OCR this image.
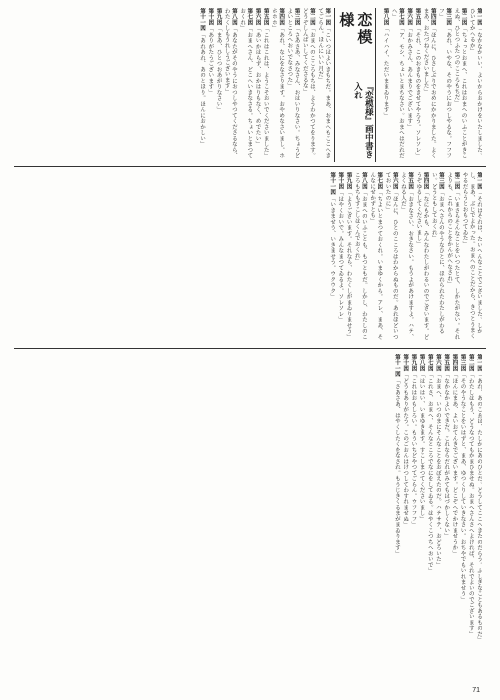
第一図「なかなかいい、よいからおかげをいたしました。ひいてかへるか」
第二図「ちょっとおまへ、これはおまへのいふことがきこえぬ、ひとつふたつのこころもちだ」
第三図「あれ、いやな、そのやうにおつしやるな。フフフフ」
第四図「ほんに、ひさしぶりでおめにかかりました。よくまあ、おたづねくださいました」
第五図「それ、このおきものをきせてやろう。ソレソレ」
第六図「おかみさん、あんまりでございます」
第七図「ア、モシ、ちょいとまちなさい。おまへはだれだへ」
第八図「ハイハイ、ただいままゐります」
恋模様
『恋模様』画中書き入れ
第一図「こいつはよいきもちだ。まあ、おまへもここへきてごらん。ほんにいい月だ」
第二図「おまへのこころもちは、ようわかつてをります。どうぞしんぱいしてくださるな」
第三図「さあさあ、みなさん、おはいりなさい。ちょうどよいところへおいでなさつた」
第四図「あれ、なにをなさります。おやめなさいまし。ホホホホ」
第五図「これはこれは、ようこそおいでくださいました」
第六図「あいかはらず、おかはりもなく、めでたい」
第七図「おまへさん、どこへいきなさる。ちょいとまつておくれ」
第八図「あなたがそのやうにおつしやつてくださるなら、わたくしもうれしうございます」
第九図「まあ、ひとつおあがりなさい」
第十図「ありがたうございます」
第十一図「あれあれ、あのとほり。ほんにおかしい」
第一図「それはそれは、たいへんなことでございました。しかし、まあ、ぶじでよかった。おまへのことだから、きつとうまくやるだらうとおもつてゐた」
第二図「いまさらそんなことをいつたとて、しかたがない。それよりも、これからのことをかんがへなされ」
第三図「おまへさんのやうなひとに、ほれられたわたしがわるい。どうともしておくれ」
第四図「なにもかも、みんなわたしがわるいのでございます。どうぞゆるしてくださいまし」
第五図「おきなさい、おきなさい。もうよがあけますよ。ハテ、よくねる人だ」
第六図「ほんに、ひとのこころはわからぬものだ。あれほどいつておいたのに」
第七図「ちよいとまつておくれ。いまゆくから。アレ、まあ、そんなにせかずとも」
第八図「おまへのいふことも、もつともだ。しかし、わたしのこころもちもすこしはくんでおくれ」
第九図「ようございます。それなら、わたくしがまゐりませう」
第十図「はやくおいで。みんなまつてゐるよ。ソレソレ」
第十一図「いきませう、いきませう。ウクウク」
第一図「あれ、あのこゑは、たしかにあのひとだ。どうしてここへきたのだらう。ふしぎなこともあるものだ」
第二図「わたしはもう、どうなつてもかまひませぬ。おまへさんさへよければ、それでよいのでございます」
第三図「そのやうなことをいはずと、まあ、ゆつくりしていきなさい。おちやでもいれませう」
第四図「ほんにまあ、よいおてんきでございます。どこぞへでかけませうか」
第五図「なかなかよいできだ。これならだれがみてもはづかしくない」
第六図「おまへ、いつのまにそんなことをおぼえたのだ。ハテサテ、おどろいた」
第七図「これさ、おまへ、そんなところでなにをしてゐる。はやくこつちへおいで」
第八図「はいはい、いまゆきます。すこしまつてくださいまし」
第九図「これはおもしろい。もういちどやつてごらん。ウフフフ」
第十図「どうもありがたう。このごおんはけつしてわすれませぬ」
第十一図「さあさあ、はやくしたくをなされ。もうじきくるまがまゐります」
71
